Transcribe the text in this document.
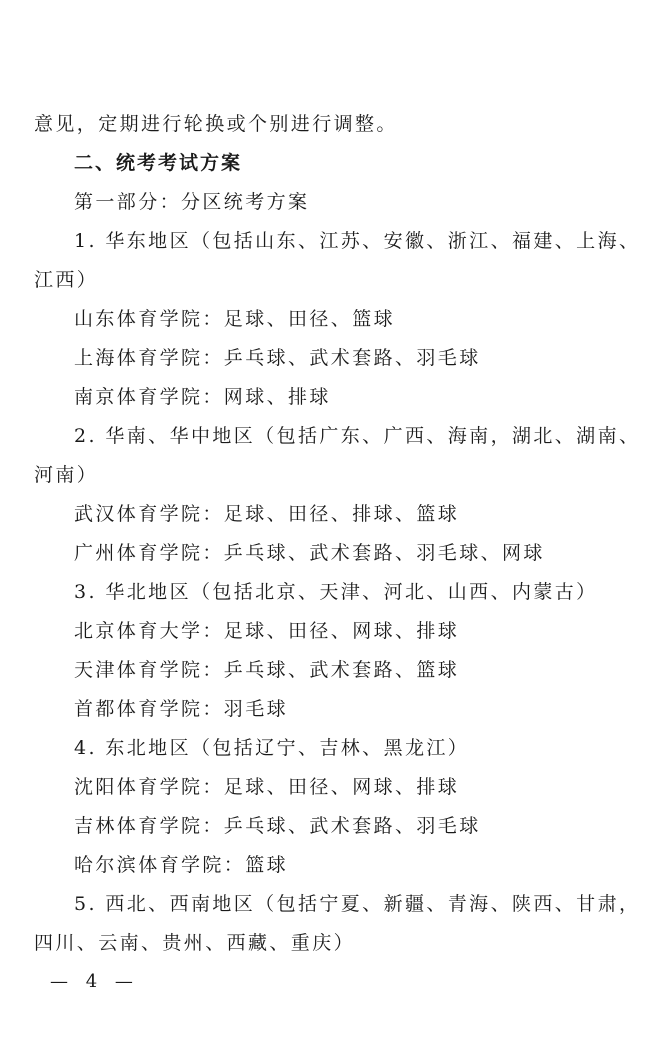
意见，定期进行轮换或个别进行调整。
二、统考考试方案
第一部分：分区统考方案
1. 华东地区（包括山东、江苏、安徽、浙江、福建、上海、
江西）
山东体育学院：足球、田径、篮球
上海体育学院：乒乓球、武术套路、羽毛球
南京体育学院：网球、排球
2. 华南、华中地区（包括广东、广西、海南，湖北、湖南、
河南）
武汉体育学院：足球、田径、排球、篮球
广州体育学院：乒乓球、武术套路、羽毛球、网球
3. 华北地区（包括北京、天津、河北、山西、内蒙古）
北京体育大学：足球、田径、网球、排球
天津体育学院：乒乓球、武术套路、篮球
首都体育学院：羽毛球
4. 东北地区（包括辽宁、吉林、黑龙江）
沈阳体育学院：足球、田径、网球、排球
吉林体育学院：乒乓球、武术套路、羽毛球
哈尔滨体育学院：篮球
5. 西北、西南地区（包括宁夏、新疆、青海、陕西、甘肃，
四川、云南、贵州、西藏、重庆）
— 4 —
